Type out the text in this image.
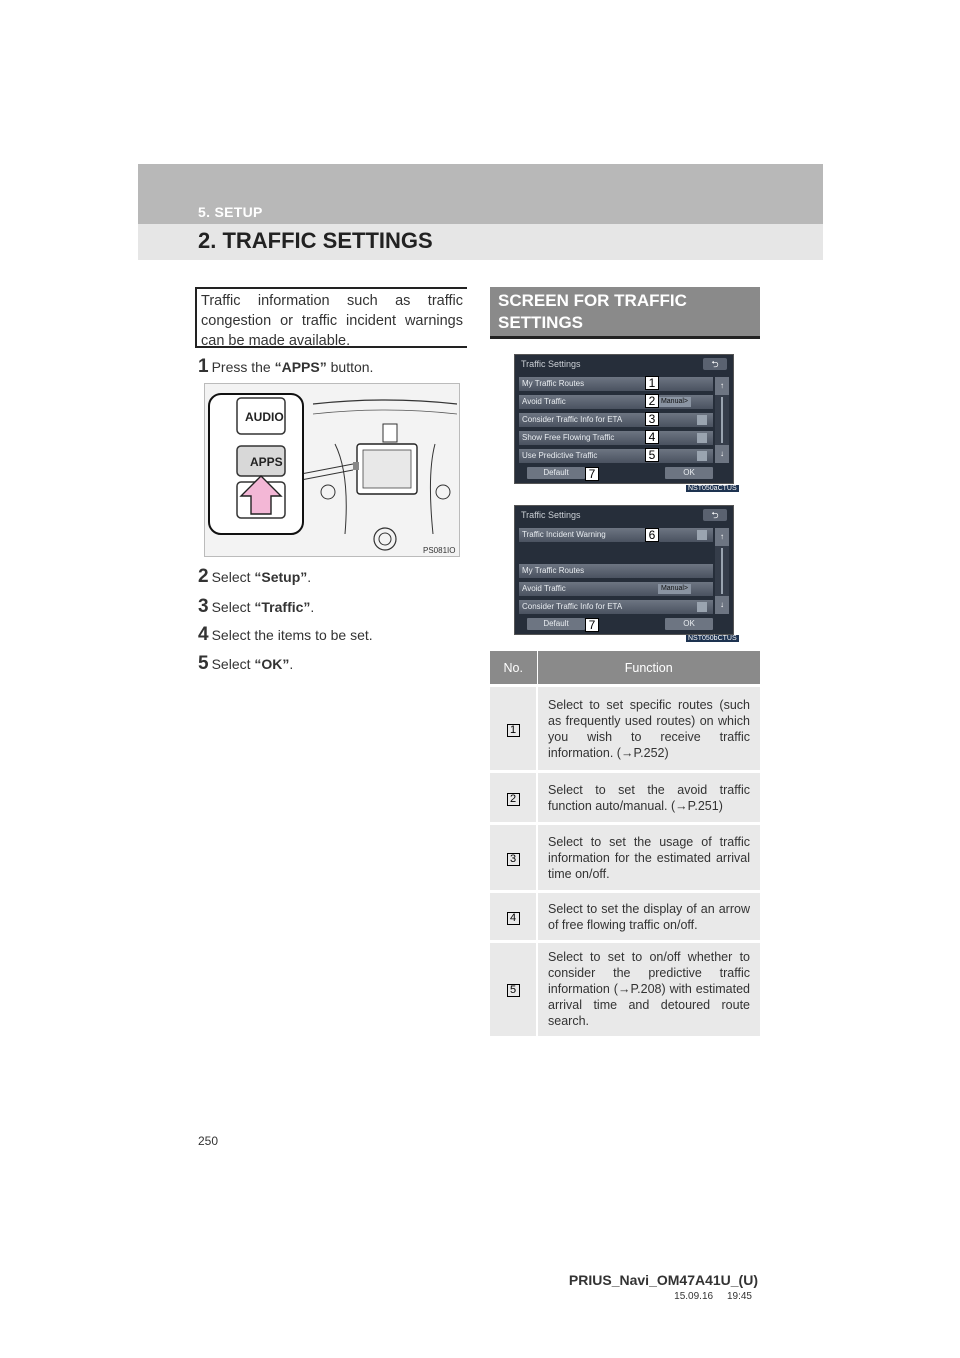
5. SETUP
2. TRAFFIC SETTINGS
Traffic information such as traffic congestion or traffic incident warnings can be made available.
1 Press the “APPS” button.
AUDIO
APPS
PS081IO
2 Select “Setup”.
3 Select “Traffic”.
4 Select the items to be set.
5 Select “OK”.
SCREEN FOR TRAFFIC SETTINGS
Traffic Settings	⮌
My Traffic Routes
Avoid Traffic	Manual>
Consider Traffic Info for ETA
Show Free Flowing Traffic
Use Predictive Traffic
↑
↓
Default	OK
1
2
3
4
5
7
NST050aCTUS
Traffic Settings	⮌
Traffic Incident Warning
My Traffic Routes
Avoid Traffic	Manual>
Consider Traffic Info for ETA
↑
↓
Default	OK
6
7
NST050bCTUS
No.	Function
1	Select to set specific routes (such as frequently used routes) on which you wish to receive traffic information. (→P.252)
2	Select to set the avoid traffic function auto/manual. (→P.251)
3	Select to set the usage of traffic information for the estimated arrival time on/off.
4	Select to set the display of an arrow of free flowing traffic on/off.
5	Select to set to on/off whether to consider the predictive traffic information (→P.208) with estimated arrival time and detoured route search.
250
PRIUS_Navi_OM47A41U_(U)
15.09.16     19:45
